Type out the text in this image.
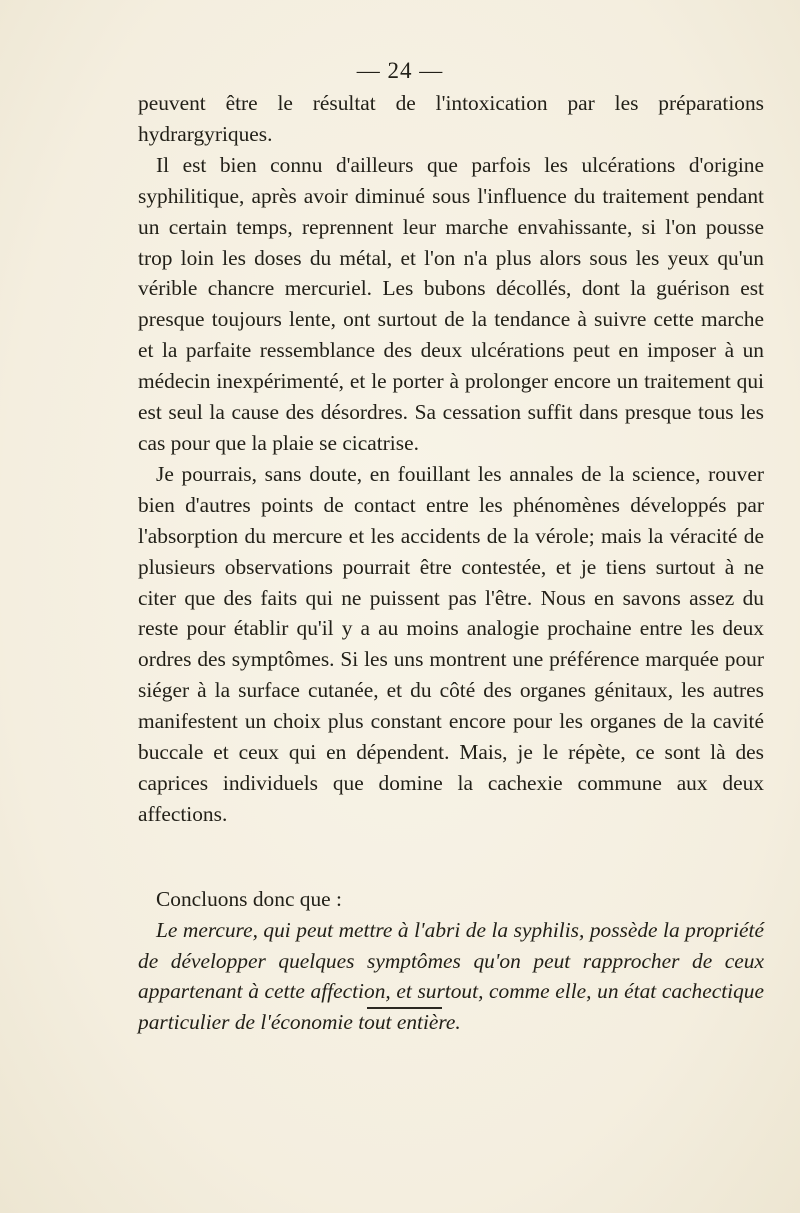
— 24 —

peuvent être le résultat de l'intoxication par les préparations hydrargyriques.

Il est bien connu d'ailleurs que parfois les ulcérations d'origine syphilitique, après avoir diminué sous l'influence du traitement pendant un certain temps, reprennent leur marche envahissante, si l'on pousse trop loin les doses du métal, et l'on n'a plus alors sous les yeux qu'un vérible chancre mercuriel. Les bubons décollés, dont la guérison est presque toujours lente, ont surtout de la tendance à suivre cette marche et la parfaite ressemblance des deux ulcérations peut en imposer à un médecin inexpérimenté, et le porter à prolonger encore un traitement qui est seul la cause des désordres. Sa cessation suffit dans presque tous les cas pour que la plaie se cicatrise.

Je pourrais, sans doute, en fouillant les annales de la science, rouver bien d'autres points de contact entre les phénomènes développés par l'absorption du mercure et les accidents de la vérole; mais la véracité de plusieurs observations pourrait être contestée, et je tiens surtout à ne citer que des faits qui ne puissent pas l'être. Nous en savons assez du reste pour établir qu'il y a au moins analogie prochaine entre les deux ordres des symptômes. Si les uns montrent une préférence marquée pour siéger à la surface cutanée, et du côté des organes génitaux, les autres manifestent un choix plus constant encore pour les organes de la cavité buccale et ceux qui en dépendent. Mais, je le répète, ce sont là des caprices individuels que domine la cachexie commune aux deux affections.

Concluons donc que :

Le mercure, qui peut mettre à l'abri de la syphilis, possède la propriété de développer quelques symptômes qu'on peut rapprocher de ceux appartenant à cette affection, et surtout, comme elle, un état cachectique particulier de l'économie tout entière.
